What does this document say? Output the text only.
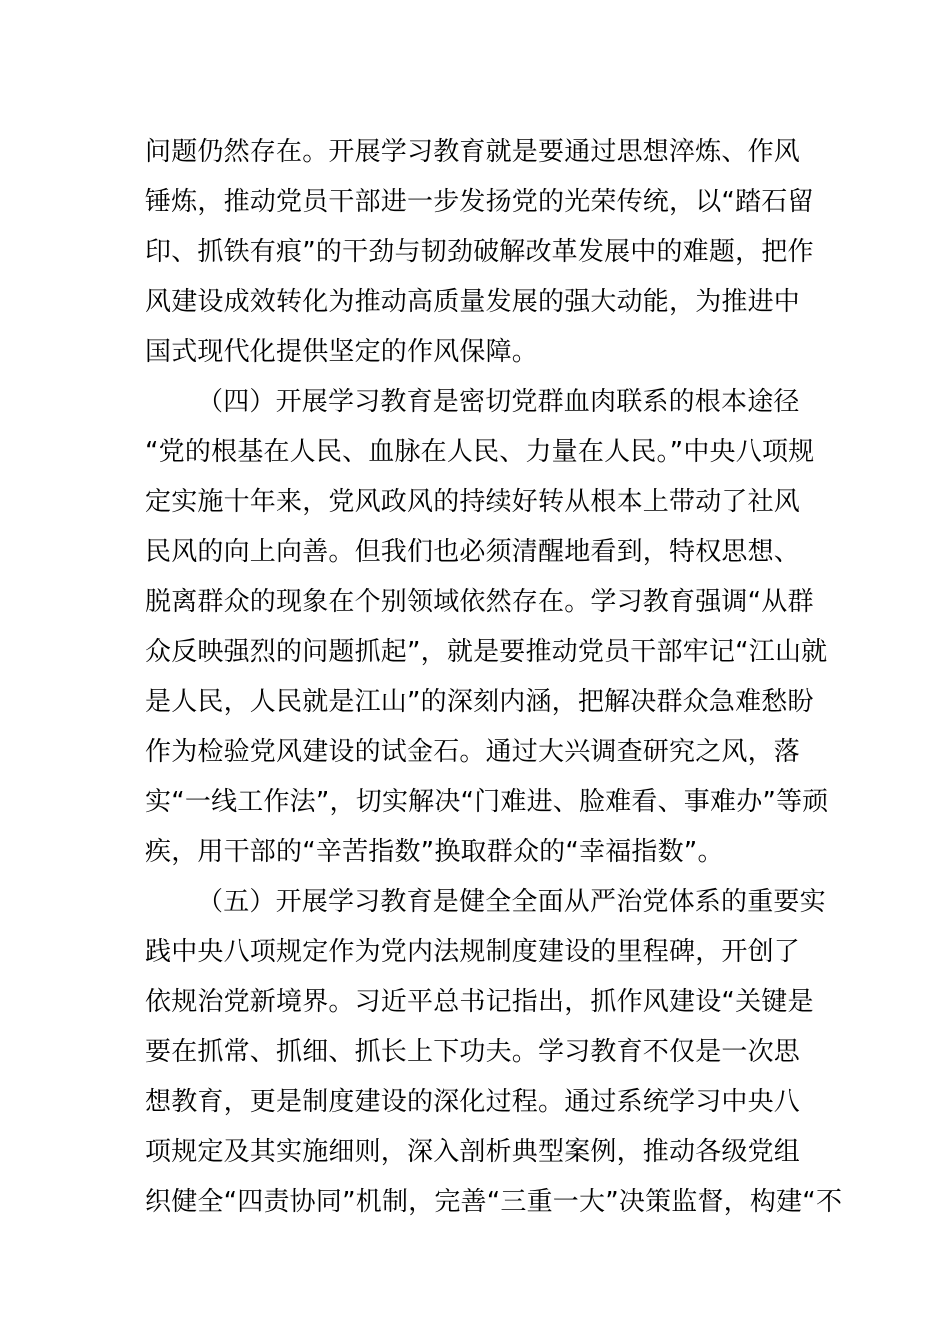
问题仍然存在。开展学习教育就是要通过思想淬炼、作风
锤炼，推动党员干部进一步发扬党的光荣传统，以“踏石留
印、抓铁有痕”的干劲与韧劲破解改革发展中的难题，把作
风建设成效转化为推动高质量发展的强大动能，为推进中
国式现代化提供坚定的作风保障。
（四）开展学习教育是密切党群血肉联系的根本途径
“党的根基在人民、血脉在人民、力量在人民。”中央八项规
定实施十年来，党风政风的持续好转从根本上带动了社风
民风的向上向善。但我们也必须清醒地看到，特权思想、
脱离群众的现象在个别领域依然存在。学习教育强调“从群
众反映强烈的问题抓起”，就是要推动党员干部牢记“江山就
是人民，人民就是江山”的深刻内涵，把解决群众急难愁盼
作为检验党风建设的试金石。通过大兴调查研究之风，落
实“一线工作法”，切实解决“门难进、脸难看、事难办”等顽
疾，用干部的“辛苦指数”换取群众的“幸福指数”。
（五）开展学习教育是健全全面从严治党体系的重要实
践中央八项规定作为党内法规制度建设的里程碑，开创了
依规治党新境界。习近平总书记指出，抓作风建设“关键是
要在抓常、抓细、抓长上下功夫。学习教育不仅是一次思
想教育，更是制度建设的深化过程。通过系统学习中央八
项规定及其实施细则，深入剖析典型案例，推动各级党组
织健全“四责协同”机制，完善“三重一大”决策监督，构建“不
